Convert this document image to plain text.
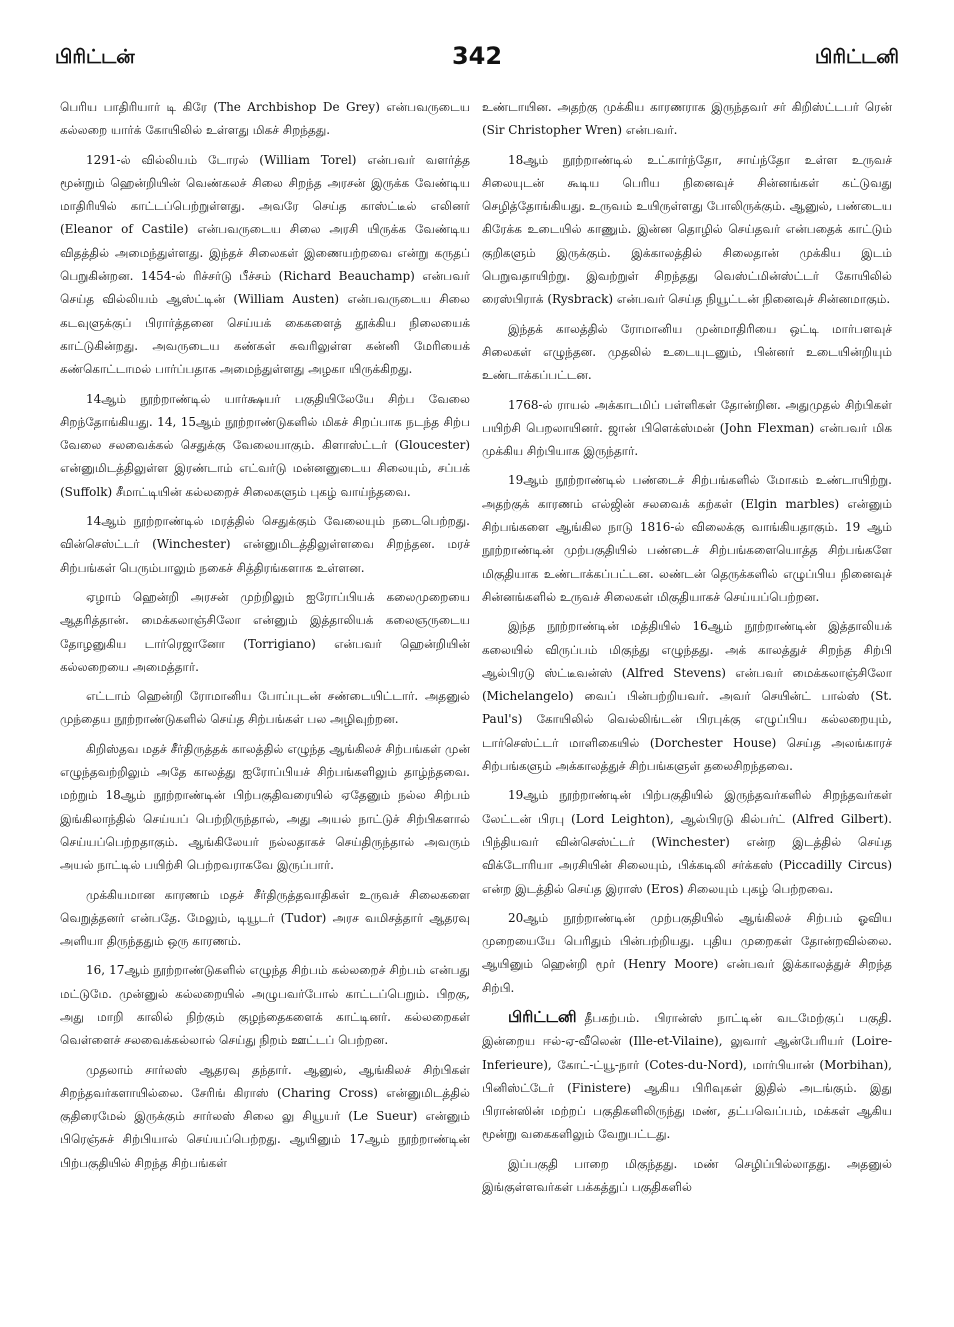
பிரிட்டன்	342	பிரிட்டனி

பெரிய பாதிரியார் டி கிரே (The Archbishop De Grey) என்பவருடைய கல்லறை யார்க் கோயிலில் உள்ளது மிகச் சிறந்தது.

1291-ல் வில்லியம் டோரல் (William Torel) என்பவர் வளர்த்த மூன்றும் ஹென்றியின் வெண்கலச் சிலை சிறந்த அரசன் இருக்க வேண்டிய மாதிரியில் காட்டப்பெற்றுள்ளது. அவரே செய்த காஸ்ட்டீல் எலினர் (Eleanor of Castile) என்பவருடைய சிலை அரசி யிருக்க வேண்டிய விதத்தில் அமைந்துள்ளது. இந்தச் சிலைகள் இணையற்றவை என்று கருதப் பெறுகின்றன. 1454-ல் ரிச்சர்டு பீச்சம் (Richard Beauchamp) என்பவர் செய்த வில்லியம் ஆஸ்ட்டின் (William Austen) என்பவருடைய சிலை கடவுளுக்குப் பிரார்த்தனை செய்யக் கைகளைத் தூக்கிய நிலையைக் காட்டுகின்றது. அவருடைய கண்கள் சுவரிலுள்ள கன்னி மேரியைக் கண்கொட்டாமல் பார்ப்பதாக அமைந்துள்ளது அழகா யிருக்கிறது.

14ஆம் நூற்றாண்டில் யார்க்ஷயர் பகுதியிலேயே சிற்ப வேலை சிறந்தோங்கியது. 14, 15ஆம் நூற்றாண்டுகளில் மிகச் சிறப்பாக நடந்த சிற்ப வேலை சலவைக்கல் செதுக்கு வேலையாகும். கிளாஸ்ட்டர் (Gloucester) என்னுமிடத்திலுள்ள இரண்டாம் எட்வர்டு மன்னனுடைய சிலையும், சப்பக் (Suffolk) சீமாட்டியின் கல்லறைச் சிலைகளும் புகழ் வாய்ந்தவை.

14ஆம் நூற்றாண்டில் மரத்தில் செதுக்கும் வேலையும் நடைபெற்றது. வின்செஸ்ட்டர் (Winchester) என்னுமிடத்திலுள்ளவை சிறந்தன. மரச் சிற்பங்கள் பெரும்பாலும் நகைச் சித்திரங்களாக உள்ளன.

ஏழாம் ஹென்றி அரசன் முற்றிலும் ஐரோப்பியக் கலைமுறையை ஆதரித்தான். மைக்கலாஞ்சிலோ என்னும் இத்தாலியக் கலைஞருடைய தோழனுகிய டார்ரெஜானோ (Torrigiano) என்பவர் ஹென்றியின் கல்லறையை அமைத்தார்.

எட்டாம் ஹென்றி ரோமானிய போப்புடன் சண்டையிட்டார். அதனுல் முந்தைய நூற்றாண்டுகளில் செய்த சிற்பங்கள் பல அழிவுற்றன.

கிறிஸ்தவ மதச் சீர்திருத்தக் காலத்தில் எழுந்த ஆங்கிலச் சிற்பங்கள் முன் எழுந்தவற்றிலும் அதே காலத்து ஐரோப்பியச் சிற்பங்களிலும் தாழ்ந்தவை. மற்றும் 18ஆம் நூற்றாண்டின் பிற்பகுதிவரையில் ஏதேனும் நல்ல சிற்பம் இங்கிலாந்தில் செய்யப் பெற்றிருந்தால், அது அயல் நாட்டுச் சிற்பிகளால் செய்யப்பெற்றதாகும். ஆங்கிலேயர் நல்லதாகச் செய்திருந்தால் அவரும் அயல் நாட்டில் பயிற்சி பெற்றவராகவே இருப்பார்.

முக்கியமான காரணம் மதச் சீர்திருத்தவாதிகள் உருவச் சிலைகளை வெறுத்தனர் என்பதே. மேலும், டியூடர் (Tudor) அரச வமிசத்தார் ஆதரவு அளியா திருந்ததும் ஒரு காரணம்.

16, 17ஆம் நூற்றாண்டுகளில் எழுந்த சிற்பம் கல்லறைச் சிற்பம் என்பது மட்டுமே. முன்னுல் கல்லறையில் அழுபவர்போல் காட்டப்பெறும். பிறகு, அது மாறி காலில் நிற்கும் குழந்தைகளைக் காட்டினர். கல்லறைகள் வெள்ளைச் சலவைக்கல்லால் செய்து நிறம் ஊட்டப் பெற்றன.

முதலாம் சார்லஸ் ஆதரவு தந்தார். ஆனுல், ஆங்கிலச் சிற்பிகள் சிறந்தவர்களாயில்லை. சேரிங் கிராஸ் (Charing Cross) என்னுமிடத்தில் குதிரைமேல் இருக்கும் சார்லஸ் சிலை லு சியூயர் (Le Sueur) என்னும் பிரெஞ்சுச் சிற்பியால் செய்யப்பெற்றது. ஆயினும் 17ஆம் நூற்றாண்டின் பிற்பகுதியில் சிறந்த சிற்பங்கள்

உண்டாயின. அதற்கு முக்கிய காரணராக இருந்தவர் சர் கிறிஸ்ட்டபர் ரென் (Sir Christopher Wren) என்பவர்.

18ஆம் நூற்றாண்டில் உட்கார்ந்தோ, சாய்ந்தோ உள்ள உருவச் சிலையுடன் கூடிய பெரிய நினைவுச் சின்னங்கள் கட்டுவது செழித்தோங்கியது. உருவம் உயிருள்ளது போலிருக்கும். ஆனுல், பண்டைய கிரேக்க உடையில் காணும். இன்ன தொழில் செய்தவர் என்பதைக் காட்டும் குறிகளும் இருக்கும். இக்காலத்தில் சிலைதான் முக்கிய இடம் பெறுவதாயிற்று. இவற்றுள் சிறந்தது வெஸ்ட்மின்ஸ்ட்டர் கோயிலில் ரைஸ்பிராக் (Rysbrack) என்பவர் செய்த நியூட்டன் நினைவுச் சின்னமாகும்.

இந்தக் காலத்தில் ரோமானிய முன்மாதிரியை ஒட்டி மார்பளவுச் சிலைகள் எழுந்தன. முதலில் உடையுடனும், பின்னர் உடையின்றியும் உண்டாக்கப்பட்டன.

1768-ல் ராயல் அக்காடமிப் பள்ளிகள் தோன்றின. அதுமுதல் சிற்பிகள் பயிற்சி பெறலாயினர். ஜான் பிளெக்ஸ்மன் (John Flexman) என்பவர் மிக முக்கிய சிற்பியாக இருந்தார்.

19ஆம் நூற்றாண்டில் பண்டைச் சிற்பங்களில் மோகம் உண்டாயிற்று. அதற்குக் காரணம் எல்ஜின் சலவைக் கற்கள் (Elgin marbles) என்னும் சிற்பங்களை ஆங்கில நாடு 1816-ல் விலைக்கு வாங்கியதாகும். 19 ஆம் நூற்றாண்டின் முற்பகுதியில் பண்டைச் சிற்பங்களையொத்த சிற்பங்களே மிகுதியாக உண்டாக்கப்பட்டன. லண்டன் தெருக்களில் எழுப்பிய நினைவுச் சின்னங்களில் உருவச் சிலைகள் மிகுதியாகச் செய்யப்பெற்றன.

இந்த நூற்றாண்டின் மத்தியில் 16ஆம் நூற்றாண்டின் இத்தாலியக் கலையில் விருப்பம் மிகுந்து எழுந்தது. அக் காலத்துச் சிறந்த சிற்பி ஆல்பிரடு ஸ்ட்டீவன்ஸ் (Alfred Stevens) என்பவர் மைக்கலாஞ்சிலோ (Michelangelo) வைப் பின்பற்றியவர். அவர் செயின்ட் பால்ஸ் (St. Paul's) கோயிலில் வெல்லிங்டன் பிரபுக்கு எழுப்பிய கல்லறையும், டார்செஸ்ட்டர் மாளிகையில் (Dorchester House) செய்த அலங்காரச் சிற்பங்களும் அக்காலத்துச் சிற்பங்களுள் தலைசிறந்தவை.

19ஆம் நூற்றாண்டின் பிற்பகுதியில் இருந்தவர்களில் சிறந்தவர்கள் லேட்டன் பிரபு (Lord Leighton), ஆல்பிரடு கில்பர்ட் (Alfred Gilbert). பிந்தியவர் வின்செஸ்ட்டர் (Winchester) என்ற இடத்தில் செய்த விக்டோரியா அரசியின் சிலையும், பிக்கடிலி சர்க்கஸ் (Piccadilly Circus) என்ற இடத்தில் செய்த இராஸ் (Eros) சிலையும் புகழ் பெற்றவை.

20ஆம் நூற்றாண்டின் முற்பகுதியில் ஆங்கிலச் சிற்பம் ஓவிய முறையையே பெரிதும் பின்பற்றியது. புதிய முறைகள் தோன்றவில்லை. ஆயினும் ஹென்றி மூர் (Henry Moore) என்பவர் இக்காலத்துச் சிறந்த சிற்பி.

பிரிட்டனி தீபகற்பம். பிரான்ஸ் நாட்டின் வடமேற்குப் பகுதி. இன்றைய ஈல்-ஏ-வீலென் (Ille-et-Vilaine), லுவார் ஆன்பேரியர் (Loire-Inferieure), கோட்-ட்யூ-நார் (Cotes-du-Nord), மார்பியான் (Morbihan), பினிஸ்ட்டேர் (Finistere) ஆகிய பிரிவுகள் இதில் அடங்கும். இது பிரான்ஸின் மற்றப் பகுதிகளிலிருந்து மண், தட்பவெப்பம், மக்கள் ஆகிய மூன்று வகைகளிலும் வேறுபட்டது.

இப்பகுதி பாறை மிகுந்தது. மண் செழிப்பில்லாதது. அதனுல் இங்குள்ளவர்கள் பக்கத்துப் பகுதிகளில்
